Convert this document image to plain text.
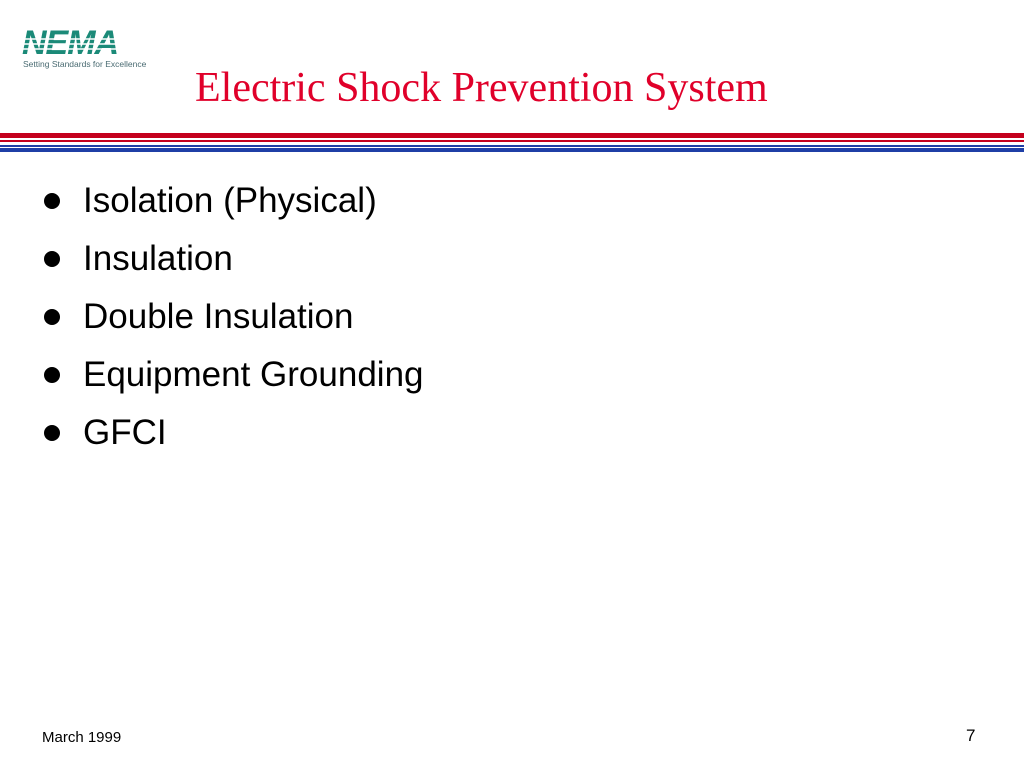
NEMA
Setting Standards for Excellence
Electric Shock Prevention System
Isolation (Physical)
Insulation
Double Insulation
Equipment Grounding
GFCI
March 1999	7
